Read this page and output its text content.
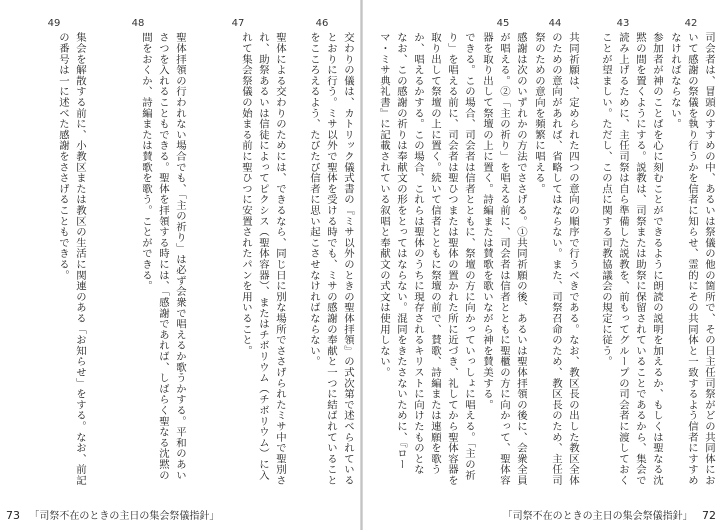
42
司会者は、冒頭のすすめの中、あるいは祭儀の他の箇所で、その日主任司祭がどの共同体において感謝の祭儀を執り行うかを信者に知らせ、霊的にその共同体と一致するよう信者にすすめなければならない。
43
参加者が神のことばを心に刻むことができるように朗読の説明を加えるか、もしくは聖なる沈黙の間を置くようにする。説教は、司祭または助祭に保留されていることであるから、集会で読み上げるために、主任司祭は自ら準備した説教を、前もってグループの司会者に渡しておくことが望ましい。ただし、この点に関する司教協議会の規定に従う。
44
共同祈願は、定められた四つの意向の順序で行うべきである。なお、教区長の出した教区全体のための意向があれば、省略してはならない。また、司祭召命のため、教区長のため、主任司祭のための意向を頻繁に唱える。
45
感謝は次のいずれかの方法でささげる。①共同祈願の後、あるいは聖体拝領の後に、会衆全員が唱える。②「主の祈り」を唱える前に、司会者は信者とともに聖櫃の方に向かって、聖体容器を取り出して祭壇の上に置く。詩編または賛歌を歌いながら神を賛美する。
できる。この場合、司会者は信者とともに、祭壇の方に向かっていっしょに唱える。「主の祈り」を唱える前に、司会者は聖ひつまたは聖体の置かれた所に近づき、礼してから聖体容器を取り出して祭壇の上に置く。続いて信者とともに祭壇の前で、賛歌、詩編または連願を歌うか、唱えるかする。この場合、これらは聖体のうちに現存されるキリストに向けたものとな
なお、この感謝の祈りは奉献文の形をとってはならない。混同をきたさないために、『ローマ・ミサ典礼書』に記載されている叙唱と奉献文の式文は使用しない。
「司祭不在のときの主日の集会祭儀指針」 72
46
交わりの儀は、カトリック儀式書の『ミサ以外のときの聖体拝領』の式次第で述べられているとおりに行う。ミサ以外で聖体を受ける時でも、ミサの感謝の奉献と一つに結ばれていることをこころえるよう、たびたび信者に思い起こさせなければならない。
47
聖体による交わりのためには、できるなら、同じ日に別な場所でささげられたミサ中で聖別され、助祭あるいは信徒によってピクシス（聖体容器）、またはチボリウム（チボリウム）に入れて集会祭儀の始まる前に聖ひつに安置されたパンを用いること。
48
聖体拝領の行われない場合でも、「主の祈り」は必ず会衆で唱えるか歌うかする。平和のあいさつを入れることもできる。聖体を拝領する時には、「感謝であれば、しばらく聖なる沈黙の間をおくか、詩編または賛歌を歌う。ことができる。
49
集会を解散する前に、小教区または教区の生活に関連のある「お知らせ」をする。なお、前記の番号は一に述べた感謝をささげることもできる。
73 「司祭不在のときの主日の集会祭儀指針」
